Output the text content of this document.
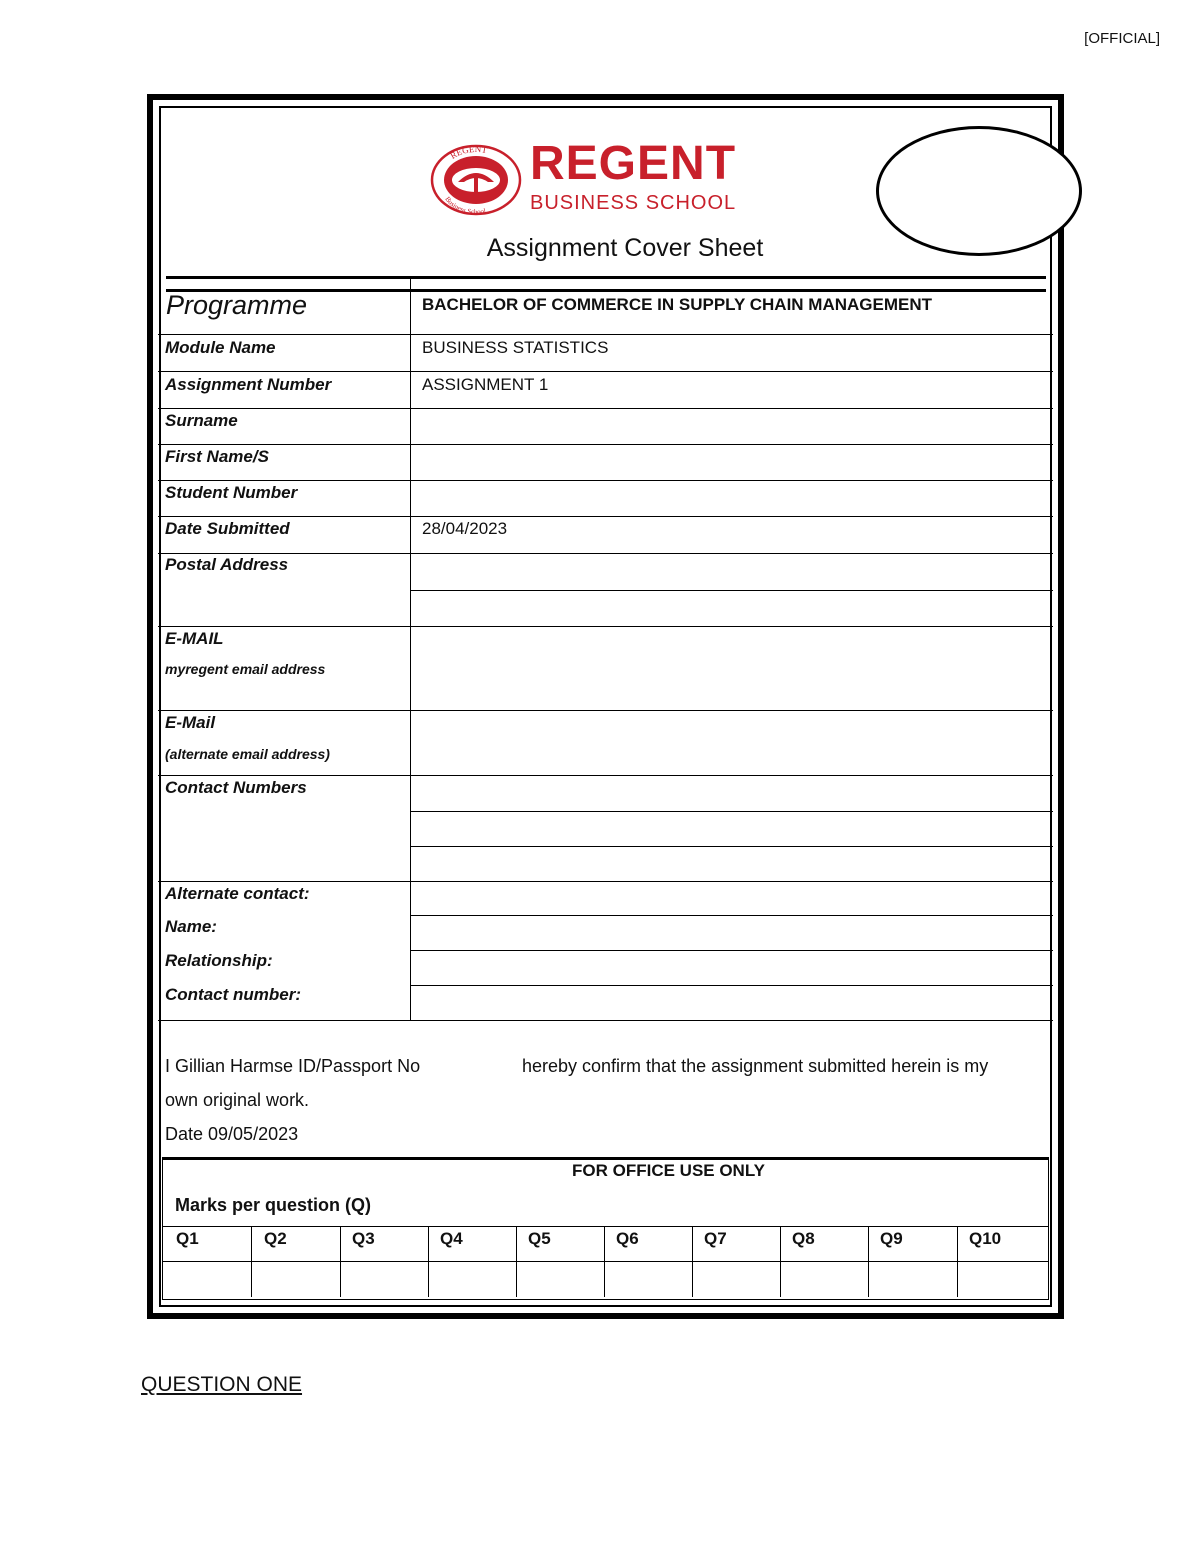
[OFFICIAL]
REGENT
Business School
REGENT
BUSINESS SCHOOL
Assignment Cover Sheet
Programme	BACHELOR OF COMMERCE IN SUPPLY CHAIN MANAGEMENT
Module Name	BUSINESS STATISTICS
Assignment Number	ASSIGNMENT 1
Surname
First Name/S
Student Number
Date Submitted	28/04/2023
Postal Address
E-MAIL
myregent email address
E-Mail
(alternate email address)
Contact Numbers
Alternate contact:
Name:
Relationship:
Contact number:
I Gillian Harmse ID/Passport No	hereby confirm that the assignment submitted herein is my
own original work.
Date 09/05/2023
FOR OFFICE USE ONLY
Marks per question (Q)
Q1	Q2	Q3	Q4	Q5	Q6	Q7	Q8	Q9	Q10
QUESTION ONE
